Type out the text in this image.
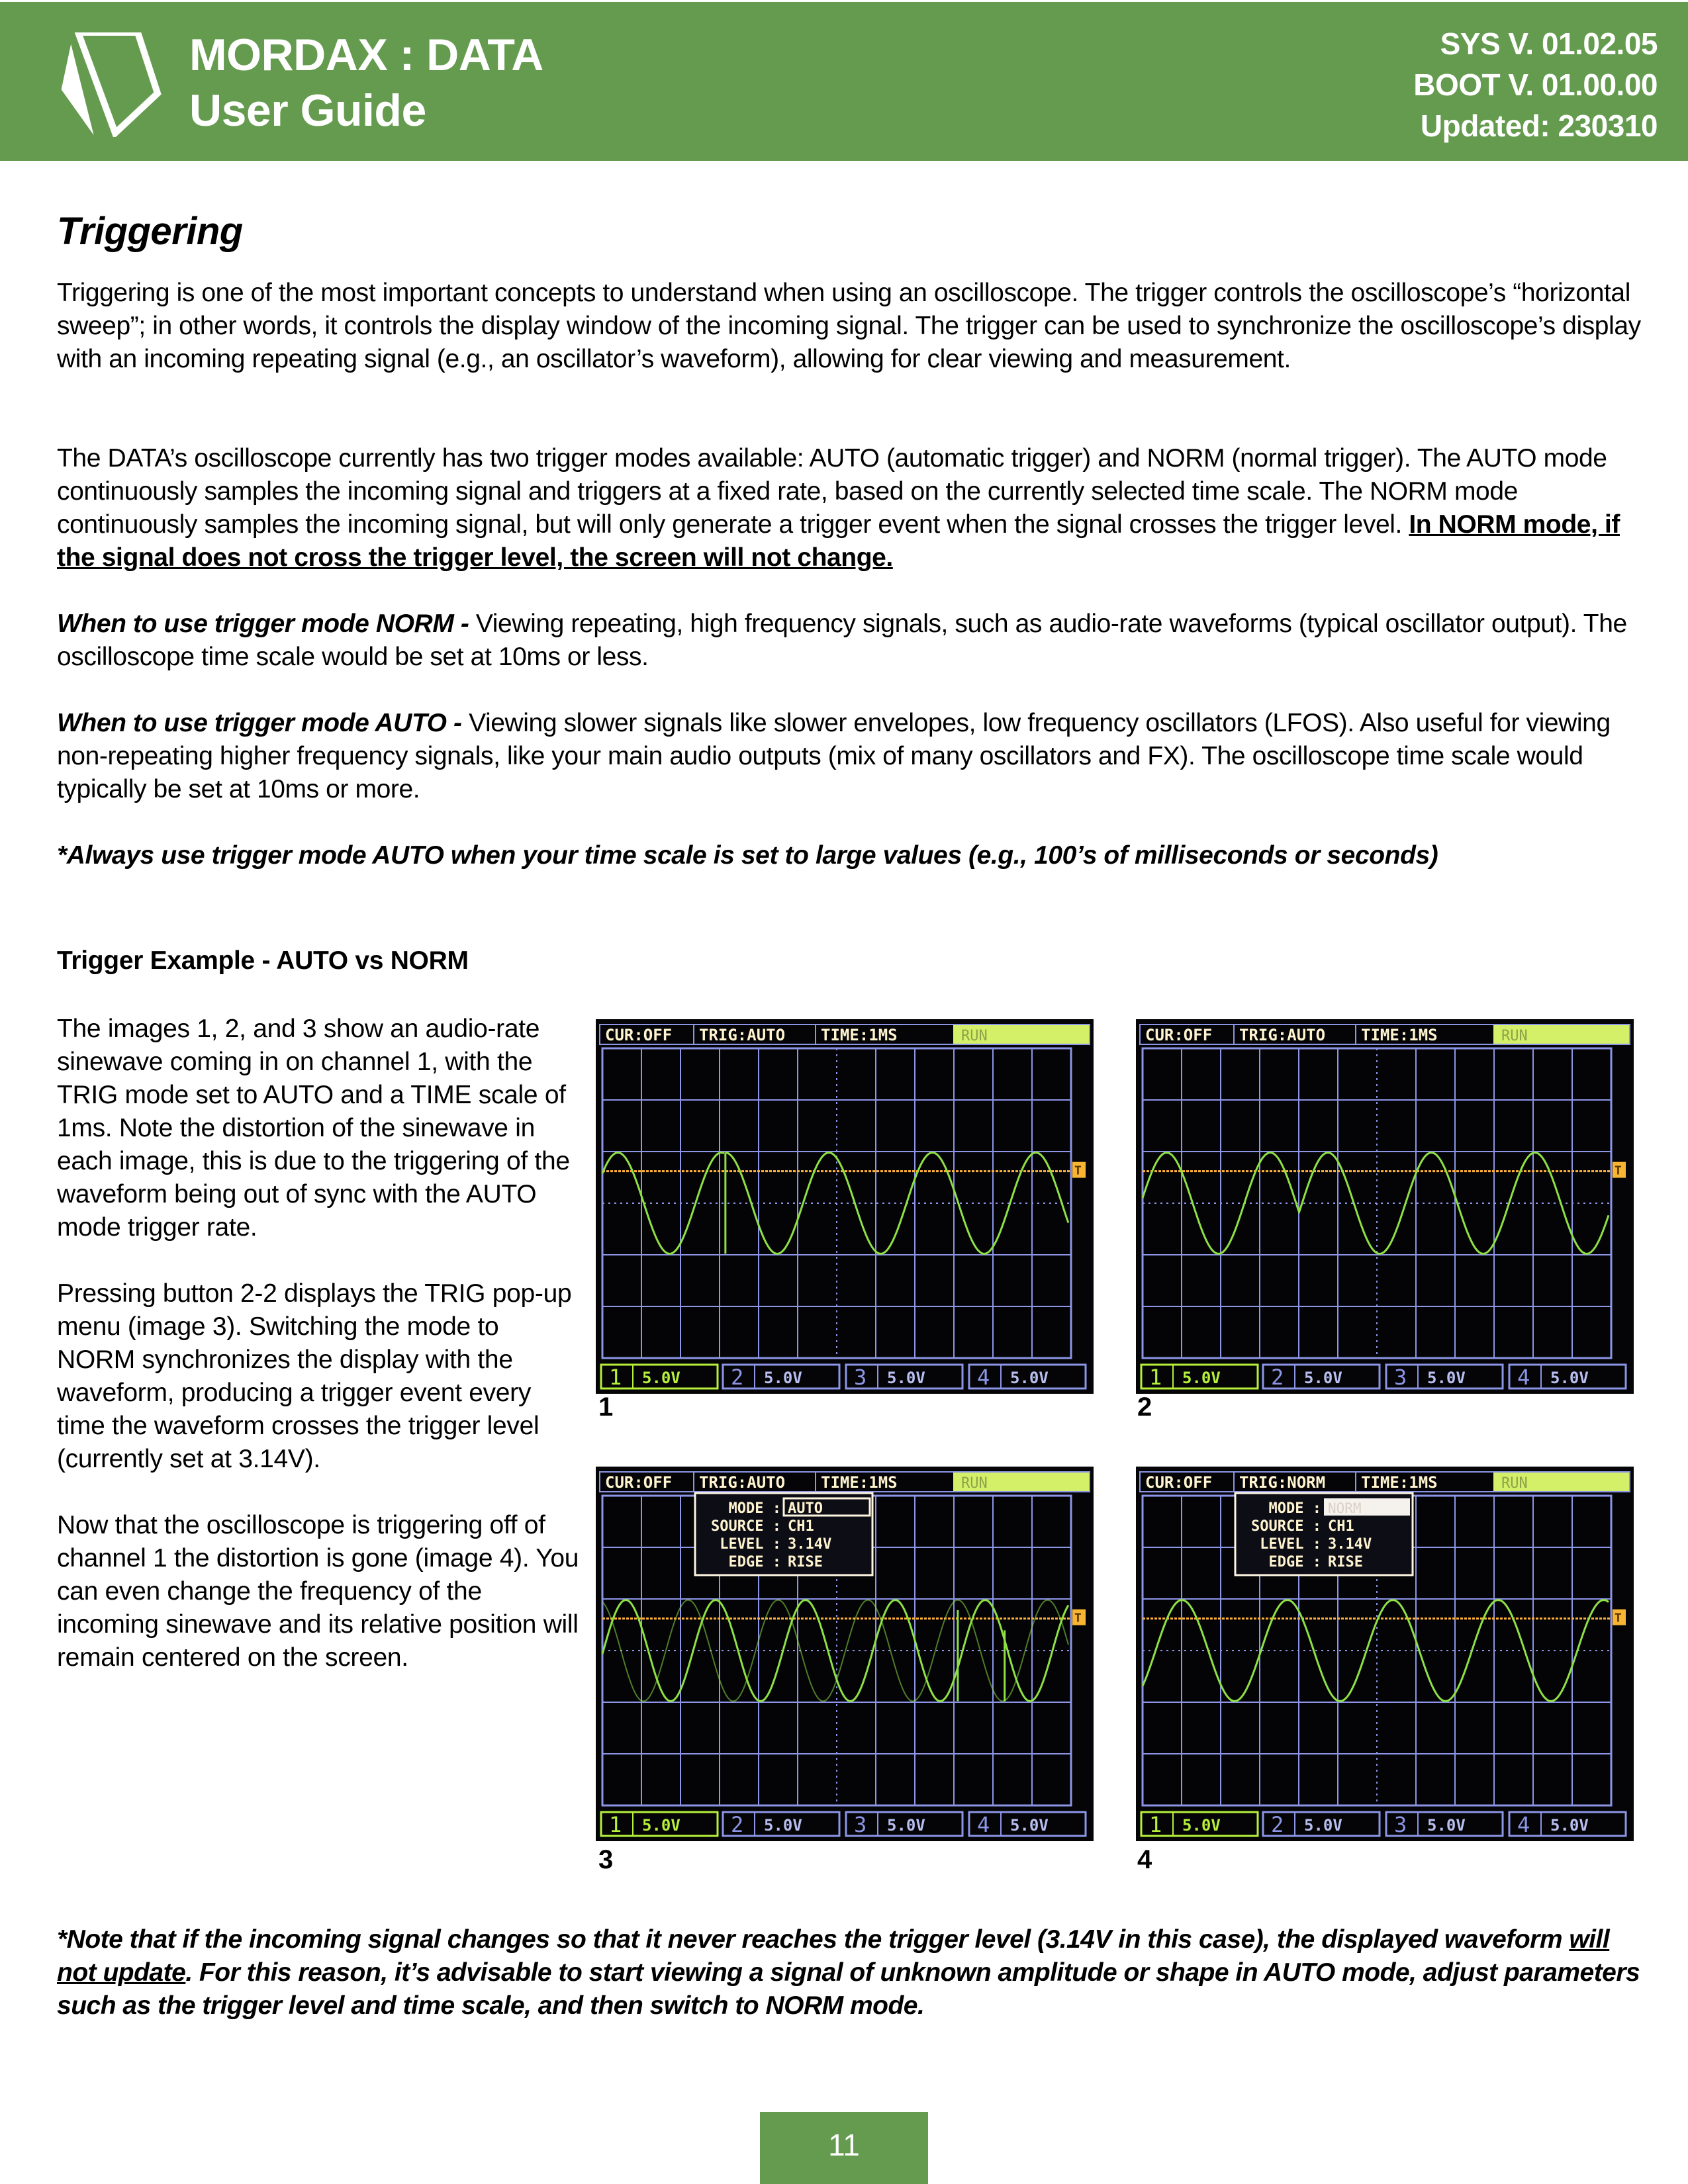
MORDAX : DATA
User Guide
SYS V. 01.02.05
BOOT V. 01.00.00
Updated: 230310
Triggering
Triggering is one of the most important concepts to understand when using an oscilloscope. The trigger controls the oscilloscope’s “horizontal sweep”; in other words, it controls the display window of the incoming signal. The trigger can be used to synchronize the oscilloscope’s display with an incoming repeating signal (e.g., an oscillator’s waveform), allowing for clear viewing and measurement.
The DATA’s oscilloscope currently has two trigger modes available: AUTO (automatic trigger) and NORM (normal trigger). The AUTO mode continuously samples the incoming signal and triggers at a fixed rate, based on the currently selected time scale. The NORM mode continuously samples the incoming signal, but will only generate a trigger event when the signal crosses the trigger level. In NORM mode, if the signal does not cross the trigger level, the screen will not change.
When to use trigger mode NORM - Viewing repeating, high frequency signals, such as audio-rate waveforms (typical oscillator output). The oscilloscope time scale would be set at 10ms or less.
When to use trigger mode AUTO - Viewing slower signals like slower envelopes, low frequency oscillators (LFOS). Also useful for viewing non-repeating higher frequency signals, like your main audio outputs (mix of many oscillators and FX). The oscilloscope time scale would typically be set at 10ms or more.
*Always use trigger mode AUTO when your time scale is set to large values (e.g., 100’s of milliseconds or seconds)
Trigger Example - AUTO vs NORM
The images 1, 2, and 3 show an audio-rate sinewave coming in on channel 1, with the TRIG mode set to AUTO and a TIME scale of 1ms. Note the distortion of the sinewave in each image, this is due to the triggering of the waveform being out of sync with the AUTO mode trigger rate.
Pressing button 2-2 displays the TRIG pop-up menu (image 3). Switching the mode to NORM synchronizes the display with the waveform, producing a trigger event every time the waveform crosses the trigger level (currently set at 3.14V).
Now that the oscilloscope is triggering off of channel 1 the distortion is gone (image 4). You can even change the frequency of the incoming sinewave and its relative position will remain centered on the screen.
CUR:OFF TRIG:AUTO TIME:1MS	RUN
T
1 5.0V 2 5.0V 3 5.0V 4 5.0V
1
CUR:OFF TRIG:AUTO TIME:1MS	RUN
T
1 5.0V 2 5.0V 3 5.0V 4 5.0V
2
CUR:OFF TRIG:AUTO TIME:1MS	RUN
T
MODE : AUTO
SOURCE : CH1
LEVEL : 3.14V
EDGE : RISE
1 5.0V 2 5.0V 3 5.0V 4 5.0V
3
CUR:OFF TRIG:NORM TIME:1MS	RUN
T
MODE : NORM
SOURCE : CH1
LEVEL : 3.14V
EDGE : RISE
1 5.0V 2 5.0V 3 5.0V 4 5.0V
4
*Note that if the incoming signal changes so that it never reaches the trigger level (3.14V in this case), the displayed waveform will not update. For this reason, it’s advisable to start viewing a signal of unknown amplitude or shape in AUTO mode, adjust parameters such as the trigger level and time scale, and then switch to NORM mode.
11
